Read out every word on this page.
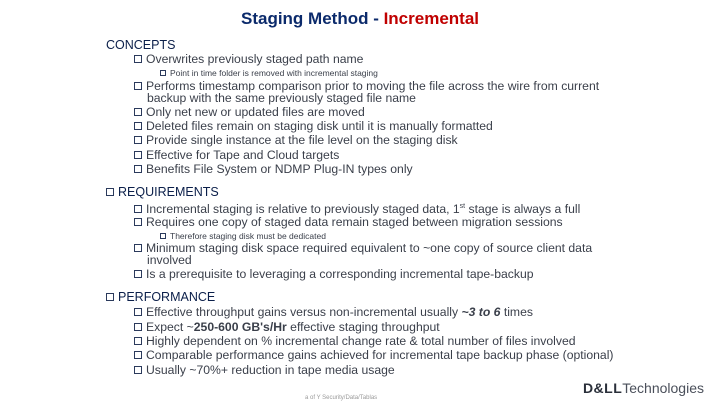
Staging Method - Incremental
CONCEPTS
Overwrites previously staged path name
Point in time folder is removed with incremental staging
Performs timestamp comparison prior to moving the file across the wire from current
backup with the same previously staged file name
Only net new or updated files are moved
Deleted files remain on staging disk until it is manually formatted
Provide single instance at the file level on the staging disk
Effective for Tape and Cloud targets
Benefits File System or NDMP Plug-IN types only
REQUIREMENTS
Incremental staging is relative to previously staged data, 1st stage is always a full
Requires one copy of staged data remain staged between migration sessions
Therefore staging disk must be dedicated
Minimum staging disk space required equivalent to ~one copy of source client data
involved
Is a prerequisite to leveraging a corresponding incremental tape-backup
PERFORMANCE
Effective throughput gains versus non-incremental usually ~3 to 6 times
Expect ~250-600 GB's/Hr effective staging throughput
Highly dependent on % incremental change rate & total number of files involved
Comparable performance gains achieved for incremental tape backup phase (optional)
Usually ~70%+ reduction in tape media usage
a of Y Security/Data/Tablas
D&LLTechnologies
